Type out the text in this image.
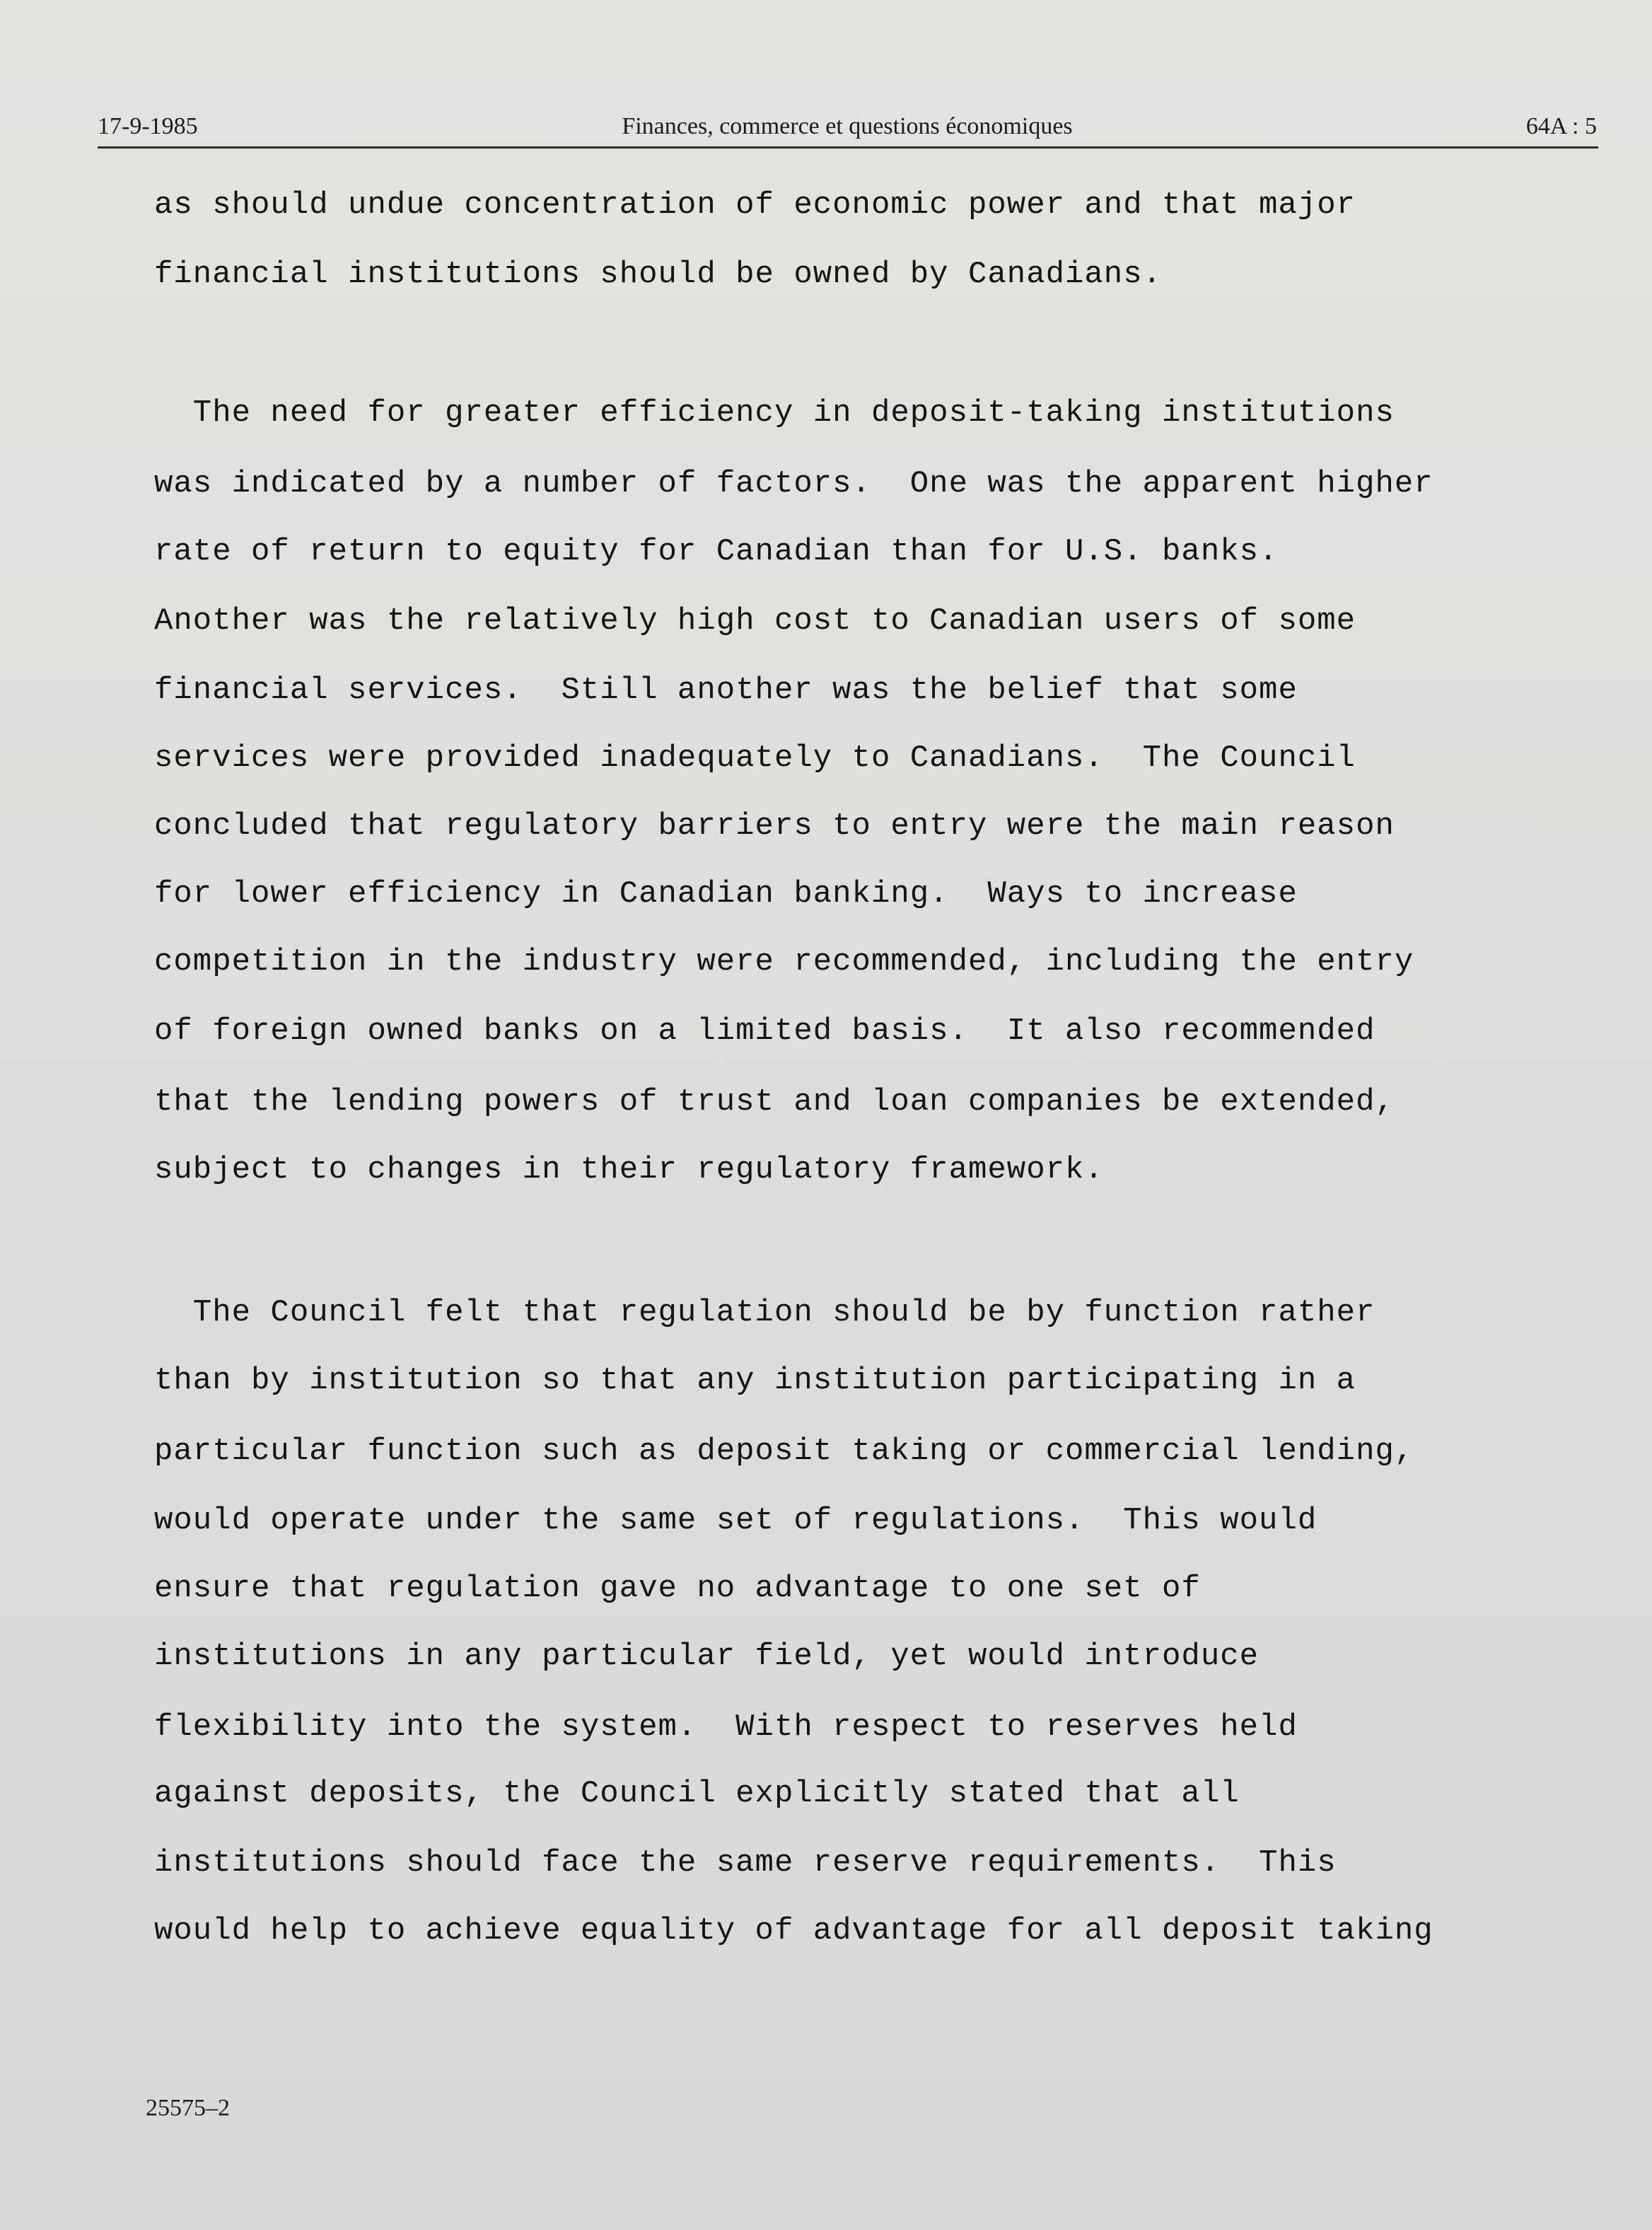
17-9-1985	Finances, commerce et questions économiques	64A : 5
as should undue concentration of economic power and that major
financial institutions should be owned by Canadians.
The need for greater efficiency in deposit-taking institutions
was indicated by a number of factors.  One was the apparent higher
rate of return to equity for Canadian than for U.S. banks.
Another was the relatively high cost to Canadian users of some
financial services.  Still another was the belief that some
services were provided inadequately to Canadians.  The Council
concluded that regulatory barriers to entry were the main reason
for lower efficiency in Canadian banking.  Ways to increase
competition in the industry were recommended, including the entry
of foreign owned banks on a limited basis.  It also recommended
that the lending powers of trust and loan companies be extended,
subject to changes in their regulatory framework.
The Council felt that regulation should be by function rather
than by institution so that any institution participating in a
particular function such as deposit taking or commercial lending,
would operate under the same set of regulations.  This would
ensure that regulation gave no advantage to one set of
institutions in any particular field, yet would introduce
flexibility into the system.  With respect to reserves held
against deposits, the Council explicitly stated that all
institutions should face the same reserve requirements.  This
would help to achieve equality of advantage for all deposit taking
25575–2
